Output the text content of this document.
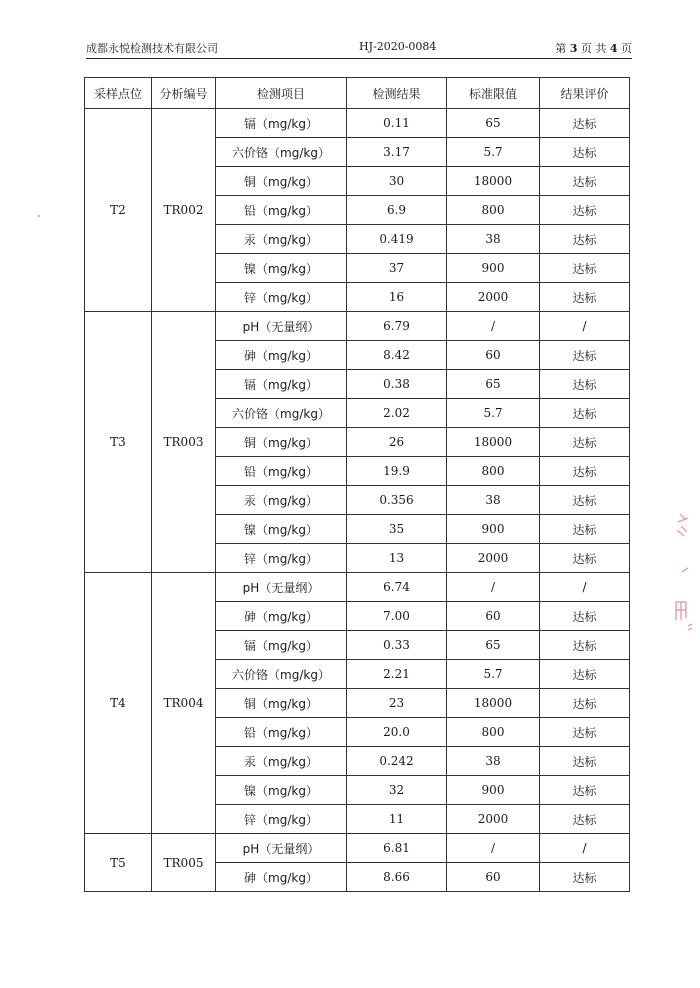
成都永悦检测技术有限公司	HJ-2020-0084	第 3 页 共 4 页
采样点位	分析编号	检测项目	检测结果	标准限值	结果评价
T2	TR002	镉（mg/kg）	0.11	65	达标
		六价铬（mg/kg）	3.17	5.7	达标
		铜（mg/kg）	30	18000	达标
		铅（mg/kg）	6.9	800	达标
		汞（mg/kg）	0.419	38	达标
		镍（mg/kg）	37	900	达标
		锌（mg/kg）	16	2000	达标
T3	TR003	pH（无量纲）	6.79	/	/
		砷（mg/kg）	8.42	60	达标
		镉（mg/kg）	0.38	65	达标
		六价铬（mg/kg）	2.02	5.7	达标
		铜（mg/kg）	26	18000	达标
		铅（mg/kg）	19.9	800	达标
		汞（mg/kg）	0.356	38	达标
		镍（mg/kg）	35	900	达标
		锌（mg/kg）	13	2000	达标
T4	TR004	pH（无量纲）	6.74	/	/
		砷（mg/kg）	7.00	60	达标
		镉（mg/kg）	0.33	65	达标
		六价铬（mg/kg）	2.21	5.7	达标
		铜（mg/kg）	23	18000	达标
		铅（mg/kg）	20.0	800	达标
		汞（mg/kg）	0.242	38	达标
		镍（mg/kg）	32	900	达标
		锌（mg/kg）	11	2000	达标
T5	TR005	pH（无量纲）	6.81	/	/
		砷（mg/kg）	8.66	60	达标
